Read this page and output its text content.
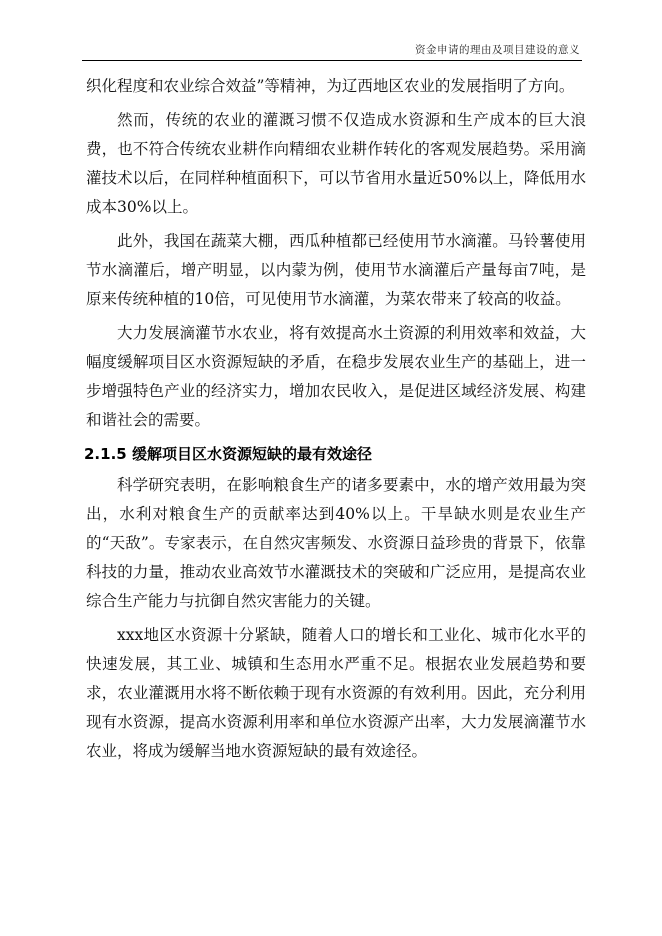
资金申请的理由及项目建设的意义

织化程度和农业综合效益”等精神，为辽西地区农业的发展指明了方向。

然而，传统的农业的灌溉习惯不仅造成水资源和生产成本的巨大浪费，也不符合传统农业耕作向精细农业耕作转化的客观发展趋势。采用滴灌技术以后，在同样种植面积下，可以节省用水量近50%以上，降低用水成本30%以上。

此外，我国在蔬菜大棚，西瓜种植都已经使用节水滴灌。马铃薯使用节水滴灌后，增产明显，以内蒙为例，使用节水滴灌后产量每亩7吨，是原来传统种植的10倍，可见使用节水滴灌，为菜农带来了较高的收益。

大力发展滴灌节水农业，将有效提高水土资源的利用效率和效益，大幅度缓解项目区水资源短缺的矛盾，在稳步发展农业生产的基础上，进一步增强特色产业的经济实力，增加农民收入，是促进区域经济发展、构建和谐社会的需要。

2.1.5 缓解项目区水资源短缺的最有效途径

科学研究表明，在影响粮食生产的诸多要素中，水的增产效用最为突出，水利对粮食生产的贡献率达到40%以上。干旱缺水则是农业生产的“天敌”。专家表示，在自然灾害频发、水资源日益珍贵的背景下，依靠科技的力量，推动农业高效节水灌溉技术的突破和广泛应用，是提高农业综合生产能力与抗御自然灾害能力的关键。

xxx地区水资源十分紧缺，随着人口的增长和工业化、城市化水平的快速发展，其工业、城镇和生态用水严重不足。根据农业发展趋势和要求，农业灌溉用水将不断依赖于现有水资源的有效利用。因此，充分利用现有水资源，提高水资源利用率和单位水资源产出率，大力发展滴灌节水农业，将成为缓解当地水资源短缺的最有效途径。
